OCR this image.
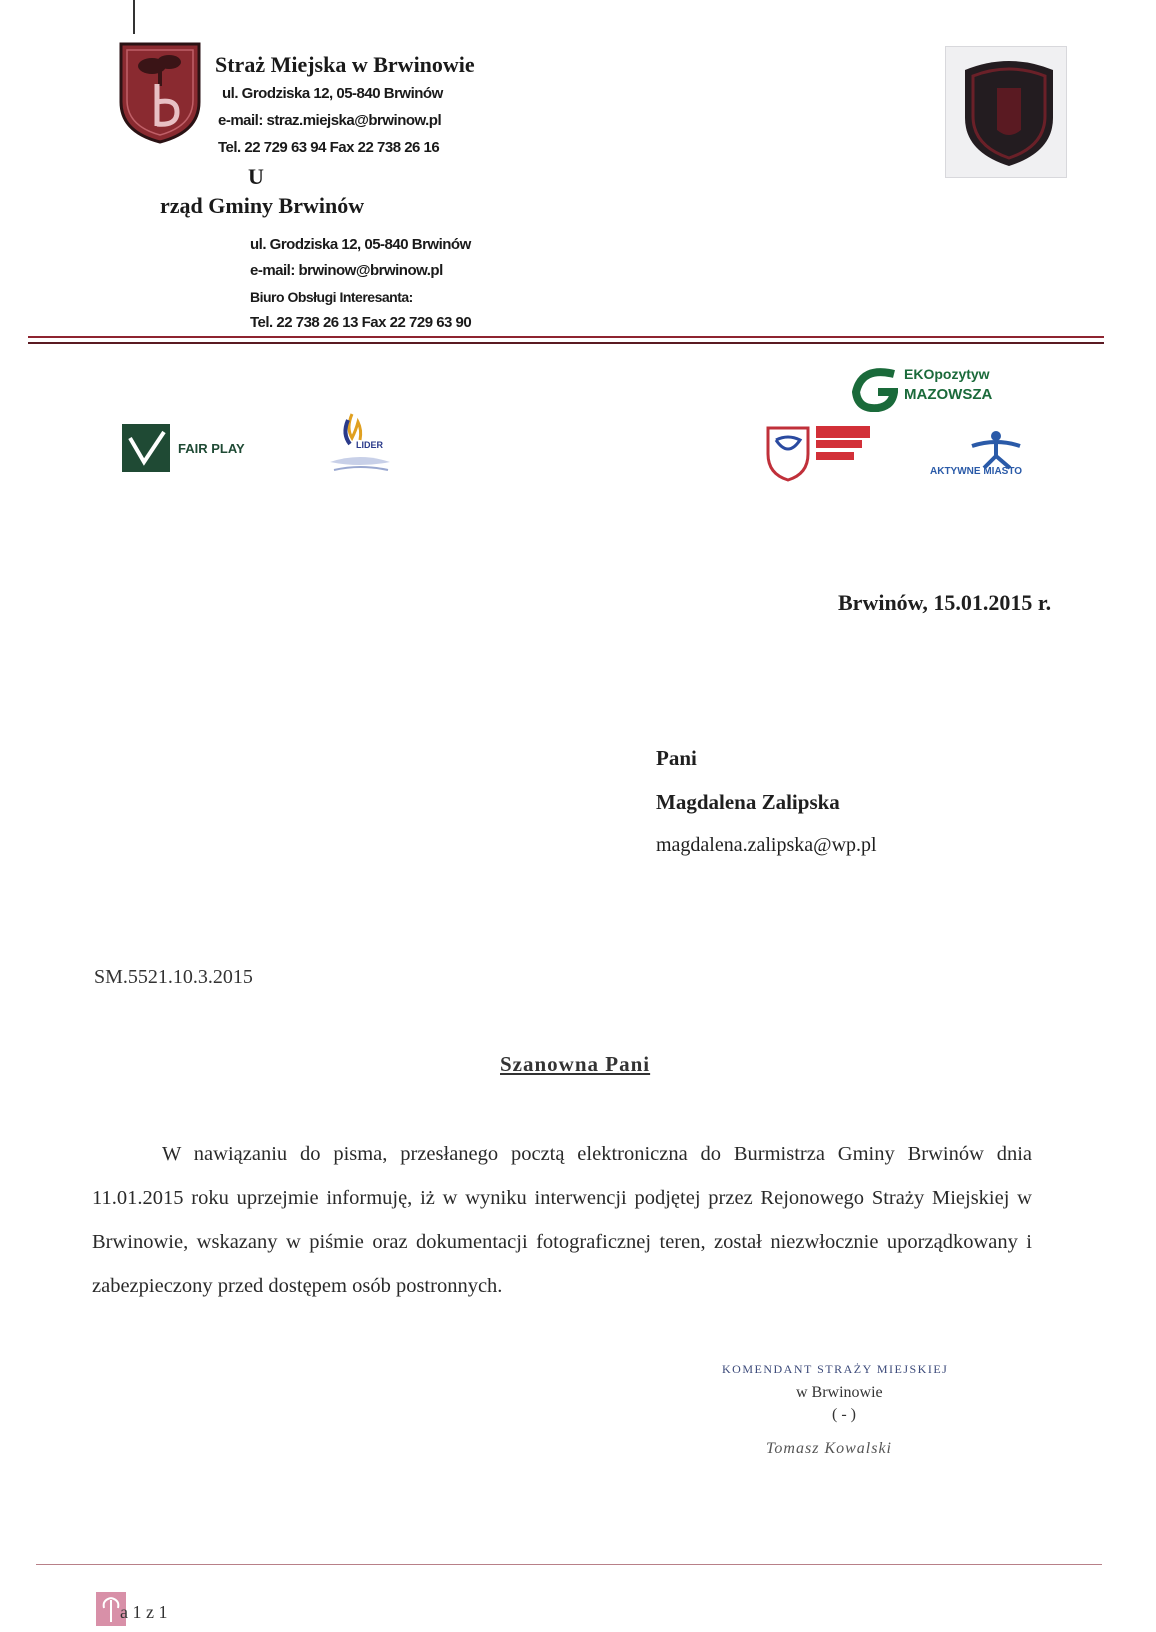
Straż Miejska w Brwinowie
ul. Grodziska 12, 05-840 Brwinów
e-mail: straz.miejska@brwinow.pl
Tel. 22 729 63 94 Fax 22 738 26 16
U
rząd Gminy Brwinów
ul. Grodziska 12, 05-840 Brwinów
e-mail: brwinow@brwinow.pl
Biuro Obsługi Interesanta:
Tel. 22 738 26 13 Fax 22 729 63 90
FAIR PLAY	LIDER
EKOpozytyw
MAZOWSZA
AKTYWNE MIASTO
Brwinów, 15.01.2015 r.
Pani
Magdalena Zalipska
magdalena.zalipska@wp.pl
SM.5521.10.3.2015
Szanowna Pani
W nawiązaniu do pisma, przesłanego pocztą elektroniczna do Burmistrza Gminy Brwinów dnia 11.01.2015 roku uprzejmie informuję, iż w wyniku interwencji podjętej przez Rejonowego Straży Miejskiej w Brwinowie, wskazany w piśmie oraz dokumentacji fotograficznej teren, został niezwłocznie uporządkowany i zabezpieczony przed dostępem osób postronnych.
KOMENDANT STRAŻY MIEJSKIEJ
w Brwinowie
( - )
Tomasz Kowalski
a 1 z 1
